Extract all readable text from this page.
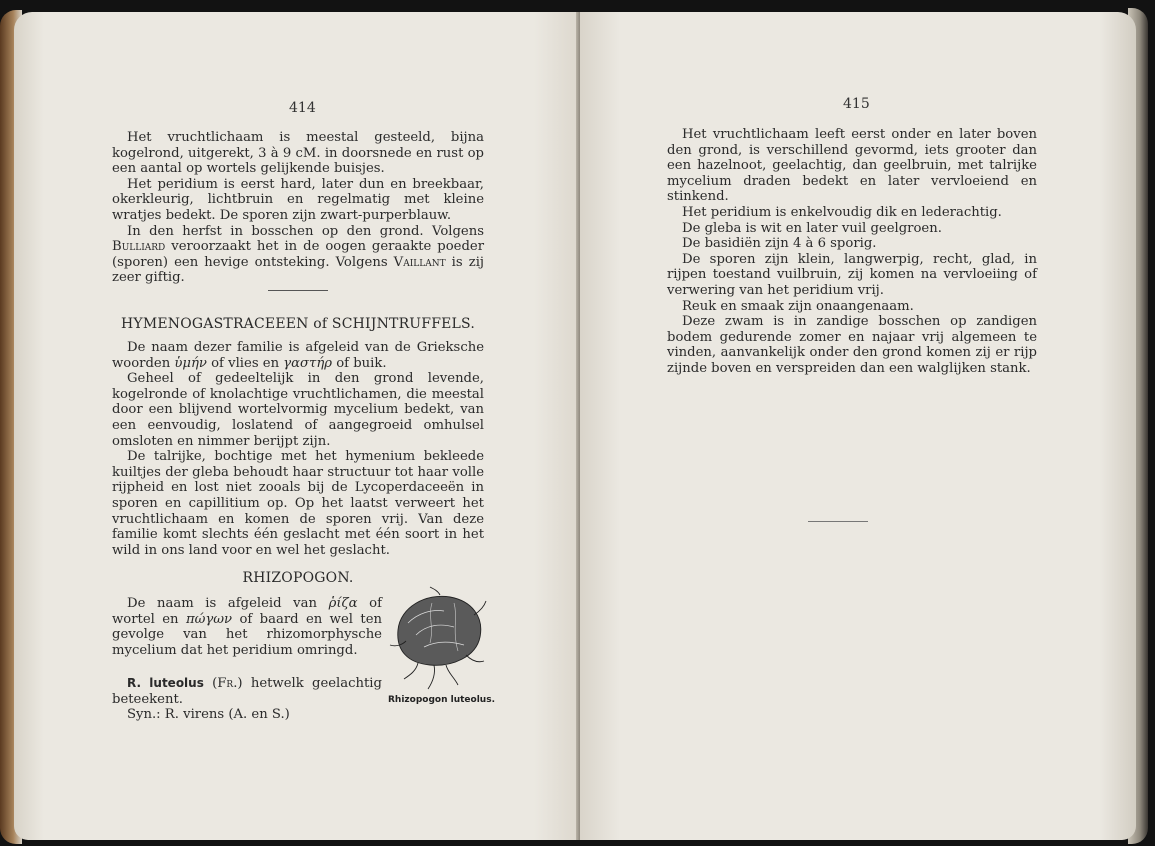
414

Het vruchtlichaam is meestal gesteeld, bijna kogelrond, uitgerekt, 3 à 9 cM. in doorsnede en rust op een aantal op wortels gelijkende buisjes.

Het peridium is eerst hard, later dun en breekbaar, okerkleurig, lichtbruin en regelmatig met kleine wratjes bedekt. De sporen zijn zwart-purperblauw.

In den herfst in bosschen op den grond. Volgens Bulliard veroorzaakt het in de oogen geraakte poeder (sporen) een hevige ontsteking. Volgens Vaillant is zij zeer giftig.

HYMENOGASTRACEEEN of SCHIJNTRUFFELS.

De naam dezer familie is afgeleid van de Grieksche woorden ὑμήν of vlies en γαστήρ of buik.

Geheel of gedeeltelijk in den grond levende, kogelronde of knolachtige vruchtlichamen, die meestal door een blijvend wortelvormig mycelium bedekt, van een eenvoudig, loslatend of aangegroeid omhulsel omsloten en nimmer berijpt zijn.

De talrijke, bochtige met het hymenium bekleede kuiltjes der gleba behoudt haar structuur tot haar volle rijpheid en lost niet zooals bij de Lycoperdaceeën in sporen en capillitium op. Op het laatst verweert het vruchtlichaam en komen de sporen vrij. Van deze familie komt slechts één geslacht met één soort in het wild in ons land voor en wel het geslacht.

RHIZOPOGON.

De naam is afgeleid van ῥίζα of wortel en πώγων of baard en wel ten gevolge van het rhizomorphysche mycelium dat het peridium omringd.

R. luteolus (Fr.) hetwelk geelachtig beteekent.

Syn.: R. virens (A. en S.)

Rhizopogon luteolus.
415

Het vruchtlichaam leeft eerst onder en later boven den grond, is verschillend gevormd, iets grooter dan een hazelnoot, geelachtig, dan geelbruin, met talrijke mycelium draden bedekt en later vervloeiend en stinkend.

Het peridium is enkelvoudig dik en lederachtig.

De gleba is wit en later vuil geelgroen.

De basidiën zijn 4 à 6 sporig.

De sporen zijn klein, langwerpig, recht, glad, in rijpen toestand vuilbruin, zij komen na vervloeiing of verwering van het peridium vrij.

Reuk en smaak zijn onaangenaam.

Deze zwam is in zandige bosschen op zandigen bodem gedurende zomer en najaar vrij algemeen te vinden, aanvankelijk onder den grond komen zij er rijp zijnde boven en verspreiden dan een walglijken stank.
